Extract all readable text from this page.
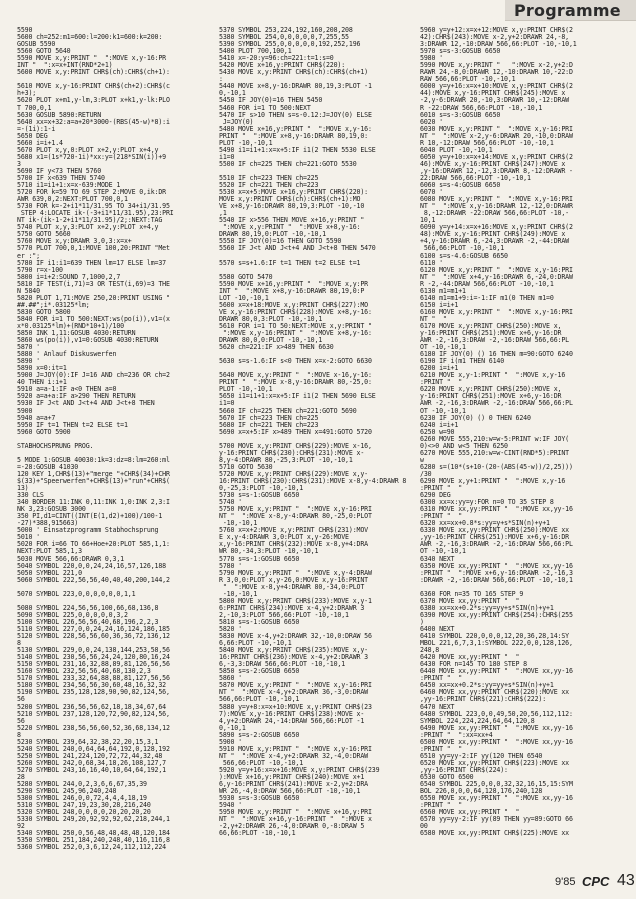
Programme
5590
5600 ch=252:m1=600:l=200:k1=600:k=200:
GOSUB 5590
5560 GOTO 5640
5590 MOVE x,y:PRINT "  ":MOVE x,y-16:PR
INT "  ":x=x+INT(RND*2+1)
5600 MOVE x,y:PRINT CHR$(ch):CHR$(ch+1):

5610 MOVE x,y-16:PRINT CHR$(ch+2):CHR$(c
h+3);
5620 PLOT x+m1,y-lm,3:PLOT x+k1,y-lk:PLO
T 700,0,1
5630 GOSUB 5890:RETURN
5640 xx=x+32:a=a+20*3000-(RBS(45-w)*8):i
=-(1i):1-i
5650 DEG
5660 i=i+1.4
5670 PLOT x,y,0:PLOT x+2,y:PLOT x+4,y
5680 x1=(1s*720-1i)*xx:y=(218*SIN(i))+9
3
5690 IF y<73 THEN 5760
5700 IF x<639 THEN 5740
5710 i1=i1+1:x=x-639:MODE 1
5720 FOR k=59 TO 69 STEP 2:MOVE 0,ik:DR
AWR 639,0,2:NEXT:PLOT 700,0,1
5730 FOR k=-2+i1*11/31.95 TO 34+i1/31.95
STEP 4:LOCATE ik-(-3+i1*11/31.95),23:PRI
NT ik-(ik-1-2+i1*11/31.95)/2;:NEXT:TAG
5740 PLOT x,y,3:PLOT x+2,y:PLOT x+4,y
5750 GOTO 5660
5760 MOVE x,y:DRAWR 3,0,3:x=x+
5770 PLOT 700,0,1:MOVE 100,20:PRINT "Met
er :";
5780 IF i1:i1=639 THEN lm=17 ELSE lm=37
5790 r=x-100
5800 i=i+2:SOUND 7,1000,2,7
5810 IF TEST(i,71)=3 OR TEST(i,69)=3 THE
N 5840
5820 PLOT 1,71:MOVE 250,20:PRINT USING "
##.##";i*.03125*lm;
5830 GOTO 5800
5840 FOR i=1 TO 500:NEXT:ws(po(i)),v1=(x
x*0.03125*lm)+(RND*10+1)/100
5850 INK 1,11:GOSUB 4030:RETURN
5860 ws(po(i)),v1=0:GOSUB 4030:RETURN
5870 '
5880 ' Anlauf Diskuswerfen
5890 '
5890 x=0:it=1
5900 J=JOY(0):IF J=16 AND ch=236 OR ch=2
40 THEN i:i+1
5910 a=a-1:IF a<0 THEN a=0
5920 a=a+a:IF a>290 THEN RETURN
5930 IF J<t AND J<t+4 AND J<t+8 THEN
5900
5940 a=a+7
5950 IF t=1 THEN t=2 ELSE t=1
5960 GOTO 5900

STABHOCHSPRUNG PROG.

5 MODE 1:GOSUB 40030:1k=3:dz=8:lm=260:ml
=-28:GOSUB 41030
120 KEY 1,CHR$(13)+"merge "+CHR$(34)+CHR
$(33)+"Speerwerfen"+CHR$(13)+"run"+CHR$(
13)
330 CLS
340 BORDER 11:INK 0,11:INK 1,0:INK 2,3:I
NK 3,23:GOSUB 3000
350 PI,d1=CINT((INT(E(1,d2)+100)/100-1
-27)*388,915663)
5000 ' Einsatzprogramm Stabhochsprung
5010 '
5020 FOR i=66 TO 66+Hoe+20:PLOT 585,1,1:
NEXT:PLOT 585,1,3
5030 MOVE 566,66:DRAWR 0,3,1
5040 SYMBOL 220,0,0,24,24,16,57,126,188
5050 SYMBOL 221,0
5060 SYMBOL 222,56,56,40,40,40,200,144,2

5070 SYMBOL 223,0,0,0,0,0,0,1,1

5080 SYMBOL 224,56,56,100,66,68,136,8
5090 SYMBOL 225,0,0,0,0,0,3,2
5100 SYMBOL 226,56,56,40,68,196,2,2,3
5110 SYMBOL 227,0,0,24,24,16,124,186,185
5120 SYMBOL 228,56,56,60,36,36,72,136,12
8
5130 SYMBOL 229,0,0,24,138,144,253,58,56
5140 SYMBOL 230,56,56,24,24,120,80,16,24
5150 SYMBOL 231,16,32,88,89,81,126,56,56
5160 SYMBOL 232,56,56,40,68,130,2,3
5170 SYMBOL 233,32,64,88,88,81,127,56,56
5180 SYMBOL 234,56,56,30,60,48,16,32,32
5190 SYMBOL 235,128,128,90,90,82,124,56,
56
5200 SYMBOL 236,56,56,62,18,18,34,67,64
5210 SYMBOL 237,128,120,72,90,82,124,56,
56
5220 SYMBOL 238,56,56,60,52,36,68,134,12
8
5230 SYMBOL 239,64,32,38,22,20,15,3,1
5240 SYMBOL 240,0,64,64,64,192,0,128,192
5250 SYMBOL 241,224,120,72,72,44,32,48
5260 SYMBOL 242,0,68,34,18,26,108,127,7
5270 SYMBOL 243,16,16,40,10,64,64,192,1
28
5280 SYMBOL 244,0,2,3,6,6,67,35,39
5290 SYMBOL 245,96,240,248
5300 SYMBOL 246,0,0,72,4,4,4,18,19
5310 SYMBOL 247,19,23,30,28,216,240
5320 SYMBOL 248,0,0,0,0,20,20,20,20
5330 SYMBOL 249,20,92,92,92,62,218,244,1
92
5340 SYMBOL 250,0,56,48,48,48,48,120,184
5350 SYMBOL 251,184,240,248,40,116,116,8
5360 SYMBOL 252,0,3,6,12,24,112,112,224
5370 SYMBOL 253,224,192,160,208,208
5380 SYMBOL 254,0,0,0,0,0,7,255,55
5390 SYMBOL 255,0,0,0,0,0,192,252,196
5400 PLOT 700,100,1
5410 x=-20:y=96:ch=221:t=1:s=0
5420 MOVE x+16,y:PRINT CHR$(220):
5430 MOVE x,y:PRINT CHR$(ch):CHR$(ch+1)
:
5440 MOVE x+8,y-16:DRAWR 80,19,3:PLOT -1
0,-10,1
5450 IF JOY(0)=16 THEN 5450
5460 FOR i=1 TO 500:NEXT
5470 IF s>10 THEN s=s-0.12:J=JOY(0) ELSE
J=JOY(0)
5480 MOVE x+16,y:PRINT "  ":MOVE x,y-16:
PRINT "  ":MOVE x+8,y-16:DRAWR 80,19,0:
PLOT -10,-10,1
5490 i1=i1+1:x=x+5:IF i1(2 THEN 5530 ELSE
i1=0
5500 IF ch=225 THEN ch=221:GOTO 5530

5510 IF ch=223 THEN ch=225
5520 IF ch=221 THEN ch=223
5530 x=x+5:MOVE x+16,y:PRINT CHR$(220):
MOVE x,y:PRINT CHR$(ch):CHR$(ch+1):MO
VE x+8,y-16:DRAWR 80,19,3:PLOT -10,-10
,1
5540 IF x>556 THEN MOVE x+16,y:PRINT "
":MOVE x,y:PRINT "  ":MOVE x+8,y-16:
DRAWR 80,19,0:PLOT -10,-10,1
5550 IF JOY(0)=16 THEN GOTO 5590
5560 IF J<t AND J<t+4 AND J<t+8 THEN 5470

5570 s=s+1.6:IF t=1 THEN t=2 ELSE t=1

5580 GOTO 5470
5590 MOVE x+16,y:PRINT "  ":MOVE x,y:PR
INT "  ":MOVE x+8,y-16:DRAWR 80,19,0:P
LOT -10,-10,1
5600 x=x+18:MOVE x,y:PRINT CHR$(227):MO
VE x,y-16:PRINT CHR$(228):MOVE x+8,y-16:
DRAWR 80,0,3:PLOT -10,-10,1
5610 FOR i=1 TO 50:NEXT:MOVE x,y:PRINT "
":MOVE x,y-16:PRINT "  ":MOVE x+8,y-16:
DRAWR 80,0,0:PLOT -10,-10,1
5620 ch=221:IF x>489 THEN 6630

5630 s=s-1.6:IF s<0 THEN x=x-2:GOTO 6630

5640 MOVE x,y:PRINT "  ":MOVE x-16,y-16:
PRINT "  ":MOVE x-8,y-16:DRAWR 80,-25,0:
PLOT -10,-10,1
5650 i1=i1+1:x=x+5:IF i1(2 THEN 5690 ELSE
i1=0
5660 IF ch=225 THEN ch=221:GOTO 5690
5670 IF ch=223 THEN ch=225
5680 IF ch=221 THEN ch=223
5690 x=x+5:IF x>489 THEN x=491:GOTO 5720

5700 MOVE x,y:PRINT CHR$(229):MOVE x-16,
y-16:PRINT CHR$(230):CHR$(231):MOVE x-
8,y-4:DRAWR 80,-25,3:PLOT -10,-10,1
5710 GOTO 5630
5720 MOVE x,y:PRINT CHR$(229):MOVE x,y-
16:PRINT CHR$(230):CHR$(231):MOVE x-8,y-4:DRAWR 8
0,-25,3:PLOT -10,-10,1
5730 s=s-1:GOSUB 6650
5740 '
5750 MOVE x,y:PRINT "  ":MOVE x,y-16:PRI
NT "  ":MOVE x-8,y-4:DRAWR 80,-25,0:PLOT
-10,-10,1
5760 x=x+2:MOVE x,y:PRINT CHR$(231):MOV
E x,y-4:DRAWR 3,0:PLOT x,y-26:MOVE
x,y-16:PRINT CHR$(232):MOVE x-8,y+4:DRA
WR 80,-34,3:PLOT -10,-10,1
5770 s=s-1:GOSUB 6650
5780 '
5790 MOVE x,y:PRINT "  ":MOVE x,y-4:DRAW
R 3,0,0:PLOT x,y-26,0:MOVE x,y-16:PRINT
"  ":MOVE x-8,y+4:DRAWR 80,-34,0:PLOT
-10,-10,1
5800 MOVE x,y:PRINT CHR$(233):MOVE x,y-1
6:PRINT CHR$(234):MOVE x-4,y+2:DRAWR 3
2,-10,3:PLOT 566,66:PLOT -10,-10,1
5810 s=s-1:GOSUB 6650
5820 '
5830 MOVE x-4,y+2:DRAWR 32,-10,0:DRAW 56
6,66:PLOT -10,-10,1
5840 MOVE x,y:PRINT CHR$(235):MOVE x,y-
16:PRINT CHR$(236):MOVE x-4,y+2:DRAWR 3
6,-3,3:DRAW 566,66:PLOT -10,-10,1
5850 s=s-2:GOSUB 6650
5860 '
5870 MOVE x,y:PRINT "  ":MOVE x,y-16:PRI
NT "  ":MOVE x-4,y+2:DRAWR 36,-3,0:DRAW
566,66:PLOT -10,-10,1
5880 y=y+8:x=x+10:MOVE x,y:PRINT CHR$(23
7):MOVE x,y-16:PRINT CHR$(238):MOVE x-
4,y+2:DRAWR 24,-14:DRAW 566,66:PLOT -1
0,-10,1
5890 s=s-2:GOSUB 6650
5900 '
5910 MOVE x,y:PRINT "  ":MOVE x,y-16:PRI
NT "  ":MOVE x-4,y+2:DRAWR 32,-4,0:DRAW
566,66:PLOT -10,-10,1
5920 y=y+16:x=x+16:MOVE x,y:PRINT CHR$(239
):MOVE x+16,y:PRINT CHR$(240):MOVE x+1
6,y-16:PRINT CHR$(241):MOVE x-2,y+2:DRA
WR 26,-4,0:DRAW 566,66:PLOT -10,-10,1
5930 s=s-3:GOSUB 6650
5940 '
5950 MOVE x,y:PRINT "  ":MOVE x+16,y:PRI
NT "  ":MOVE x+16,y-16:PRINT "  ":MOVE x
-2,y+2:DRAWR 26,-4,0:DRAWR 0,-8:DRAW 5
66,66:PLOT -10,-10,1
5960 y=y+12:x=x+12:MOVE x,y:PRINT CHR$(2
42):CHR$(243):MOVE x-2,y+2:DRAWR 24,-8,
3:DRAWR 12,-10:DRAW 566,66:PLOT -10,-10,1
5970 s=s-3:GOSUB 6650
5980 '
5990 MOVE x,y:PRINT "   ":MOVE x-2,y+2:D
RAWR 24,-8,0:DRAWR 12,-10:DRAWR 10,-22:D
RAW 566,66:PLOT -10,-10,1
6000 y=y+16:x=x+10:MOVE x,y:PRINT CHR$(2
44):MOVE x,y-16:PRINT CHR$(245):MOVE x
-2,y-6:DRAWR 20,-10,3:DRAWR 10,-12:DRAW
R -22:DRAW 566,66:PLOT -10,-10,1
6010 s=s-3:GOSUB 6650
6020 '
6030 MOVE x,y:PRINT "  ":MOVE x,y-16:PRI
NT "  ":MOVE x-2,y-6:DRAWR 20,-10,0:DRAW
R 10,-12:DRAW 566,66:PLOT -10,-10,1
6040 PLOT -10,-10,1
6050 y=y+10:x=x+14:MOVE x,y:PRINT CHR$(2
46):MOVE x,y-16:PRINT CHR$(247):MOVE x
,y-16:DRAWR 12,-12,3:DRAWR 8,-12:DRAWR -
22:DRAW 566,66:PLOT -10,-10,1
6060 s=s-4:GOSUB 6650
6070 '
6080 MOVE x,y:PRINT "  ":MOVE x,y-16:PRI
NT "  ":MOVE x,y-16:DRAWR 12,-12,0:DRAWR
8,-12:DRAWR -22:DRAW 566,66:PLOT -10,-
10,1
6090 y=y+14:x=x+16:MOVE x,y:PRINT CHR$(2
48):MOVE x,y-16:PRINT CHR$(249):MOVE x
+4,y-16:DRAWR 6,-24,3:DRAWR -2,-44:DRAW
566,66:PLOT -10,-10,1
6100 s=s-4.6:GOSUB 6650
6110 '
6120 MOVE x,y:PRINT "  ":MOVE x,y-16:PRI
NT "  ":MOVE x+4,y-16:DRAWR 6,-24,0:DRAW
R -2,-44:DRAW 566,66:PLOT -10,-10,1
6130 m1=m1+1
6140 m1=m1+9:i=-1:IF m1(0 THEN m1=0
6150 i=i+1
6160 MOVE x,y:PRINT "  ":MOVE x,y-16:PRI
NT "  "
6170 MOVE x,y:PRINT CHR$(250):MOVE x,
y-16:PRINT CHR$(251):MOVE x+6,y-16:DR
AWR -2,-16,3:DRAW -2,-16:DRAW 566,66:PL
OT -10,-10,1
6180 IF JOY(0) () 16 THEN m=90:GOTO 6240
6190 IF i(m1 THEN 6140
6200 i=i+1
6210 MOVE x,y-1:PRINT "  ":MOVE x,y-16
:PRINT "  "
6220 MOVE x,y:PRINT CHR$(250):MOVE x,
y-16:PRINT CHR$(251):MOVE x+6,y-16:DR
AWR -2,-16,3:DRAWR -2,-16:DRAW 566,66:PL
OT -10,-10,1
6230 IF JOY(0) () 0 THEN 6240
6240 i=i+1
6250 w=90
6260 MOVE 555,210:w=w-5:PRINT w:IF JOY(
0)<>0 AND w<5 THEN 6250
6270 MOVE 555,210:w=w-CINT(RND*5):PRINT
w
6280 s=(10*(s+10-(20-(ABS(45-w))/2,25)))
/30
6290 MOVE x,y+1:PRINT "  ":MOVE x,y-16
:PRINT "  "
6290 DEG
6300 xx=x:yy=y:FOR n=0 TO 35 STEP 8
6310 MOVE xx,yy:PRINT "  ":MOVE xx,yy-16
:PRINT "  "
6320 xx=xx+0.8*s:yy=y+s*SIN(n)+y+1
6330 MOVE xx,yy:PRINT CHR$(250):MOVE xx
,yy-16:PRINT CHR$(251):MOVE x+6,y-16:DR
AWR -2,-16,3:DRAWR -2,-16:DRAW 566,66:PL
OT -10,-10,1
6340 NEXT
6350 MOVE xx,yy:PRINT "  ":MOVE xx,yy-16
:PRINT "  ":MOVE x+6,y-16:DRAWR -2,-16,3
:DRAWR -2,-16:DRAW 566,66:PLOT -10,-10,1

6360 FOR n=35 TO 165 STEP 9
6370 MOVE xx,yy:PRINT "  "
6380 xx=xx+0.2*s:yy=yy+s*SIN(n)+y+1
6390 MOVE xx,yy:PRINT CHR$(254):CHR$(255
)
6400 NEXT
6410 SYMBOL 220,0,0,0,12,20,36,28,14:SY
MBOL 221,6,7,3,1:SYMBOL 222,0,0,128,126,
248,8
6420 MOVE xx,yy:PRINT "  "
6430 FOR n=145 TO 180 STEP 8
6440 MOVE xx,yy:PRINT "  ":MOVE xx,yy-16
:PRINT "  "
6450 xx=xx+0.2*s:yy=yy+s*SIN(n)+y+1
6460 MOVE xx,yy:PRINT CHR$(220):MOVE xx
,yy-16:PRINT CHR$(221):CHR$(222):
6470 NEXT
6480 SYMBOL 223,0,0,49,50,20,56,112,112:
SYMBOL 224,224,224,64,64,120,8
6490 MOVE xx,yy:PRINT "  ":MOVE xx,yy-16
:PRINT "  ":xx=xx+4
6500 MOVE xx,yy:PRINT "  ":MOVE xx,yy-16
:PRINT "  "
6510 yy=yy-2:IF yy(120 THEN 6540
6520 MOVE xx,yy:PRINT CHR$(223):MOVE xx
,yy-16:PRINT CHR$(224):
6530 GOTO 6500
6540 SYMBOL 225,0,0,0,32,32,16,15,15:SYM
BOL 226,0,0,0,64,128,176,240,128
6550 MOVE xx,yy:PRINT "  ":MOVE xx,yy-16
:PRINT "  "
6560 MOVE xx,yy:PRINT "  "
6570 yy=yy-2:IF yy(89 THEN yy=89:GOTO 66
00
6580 MOVE xx,yy:PRINT CHR$(225):MOVE xx
9'85 CPC 43
